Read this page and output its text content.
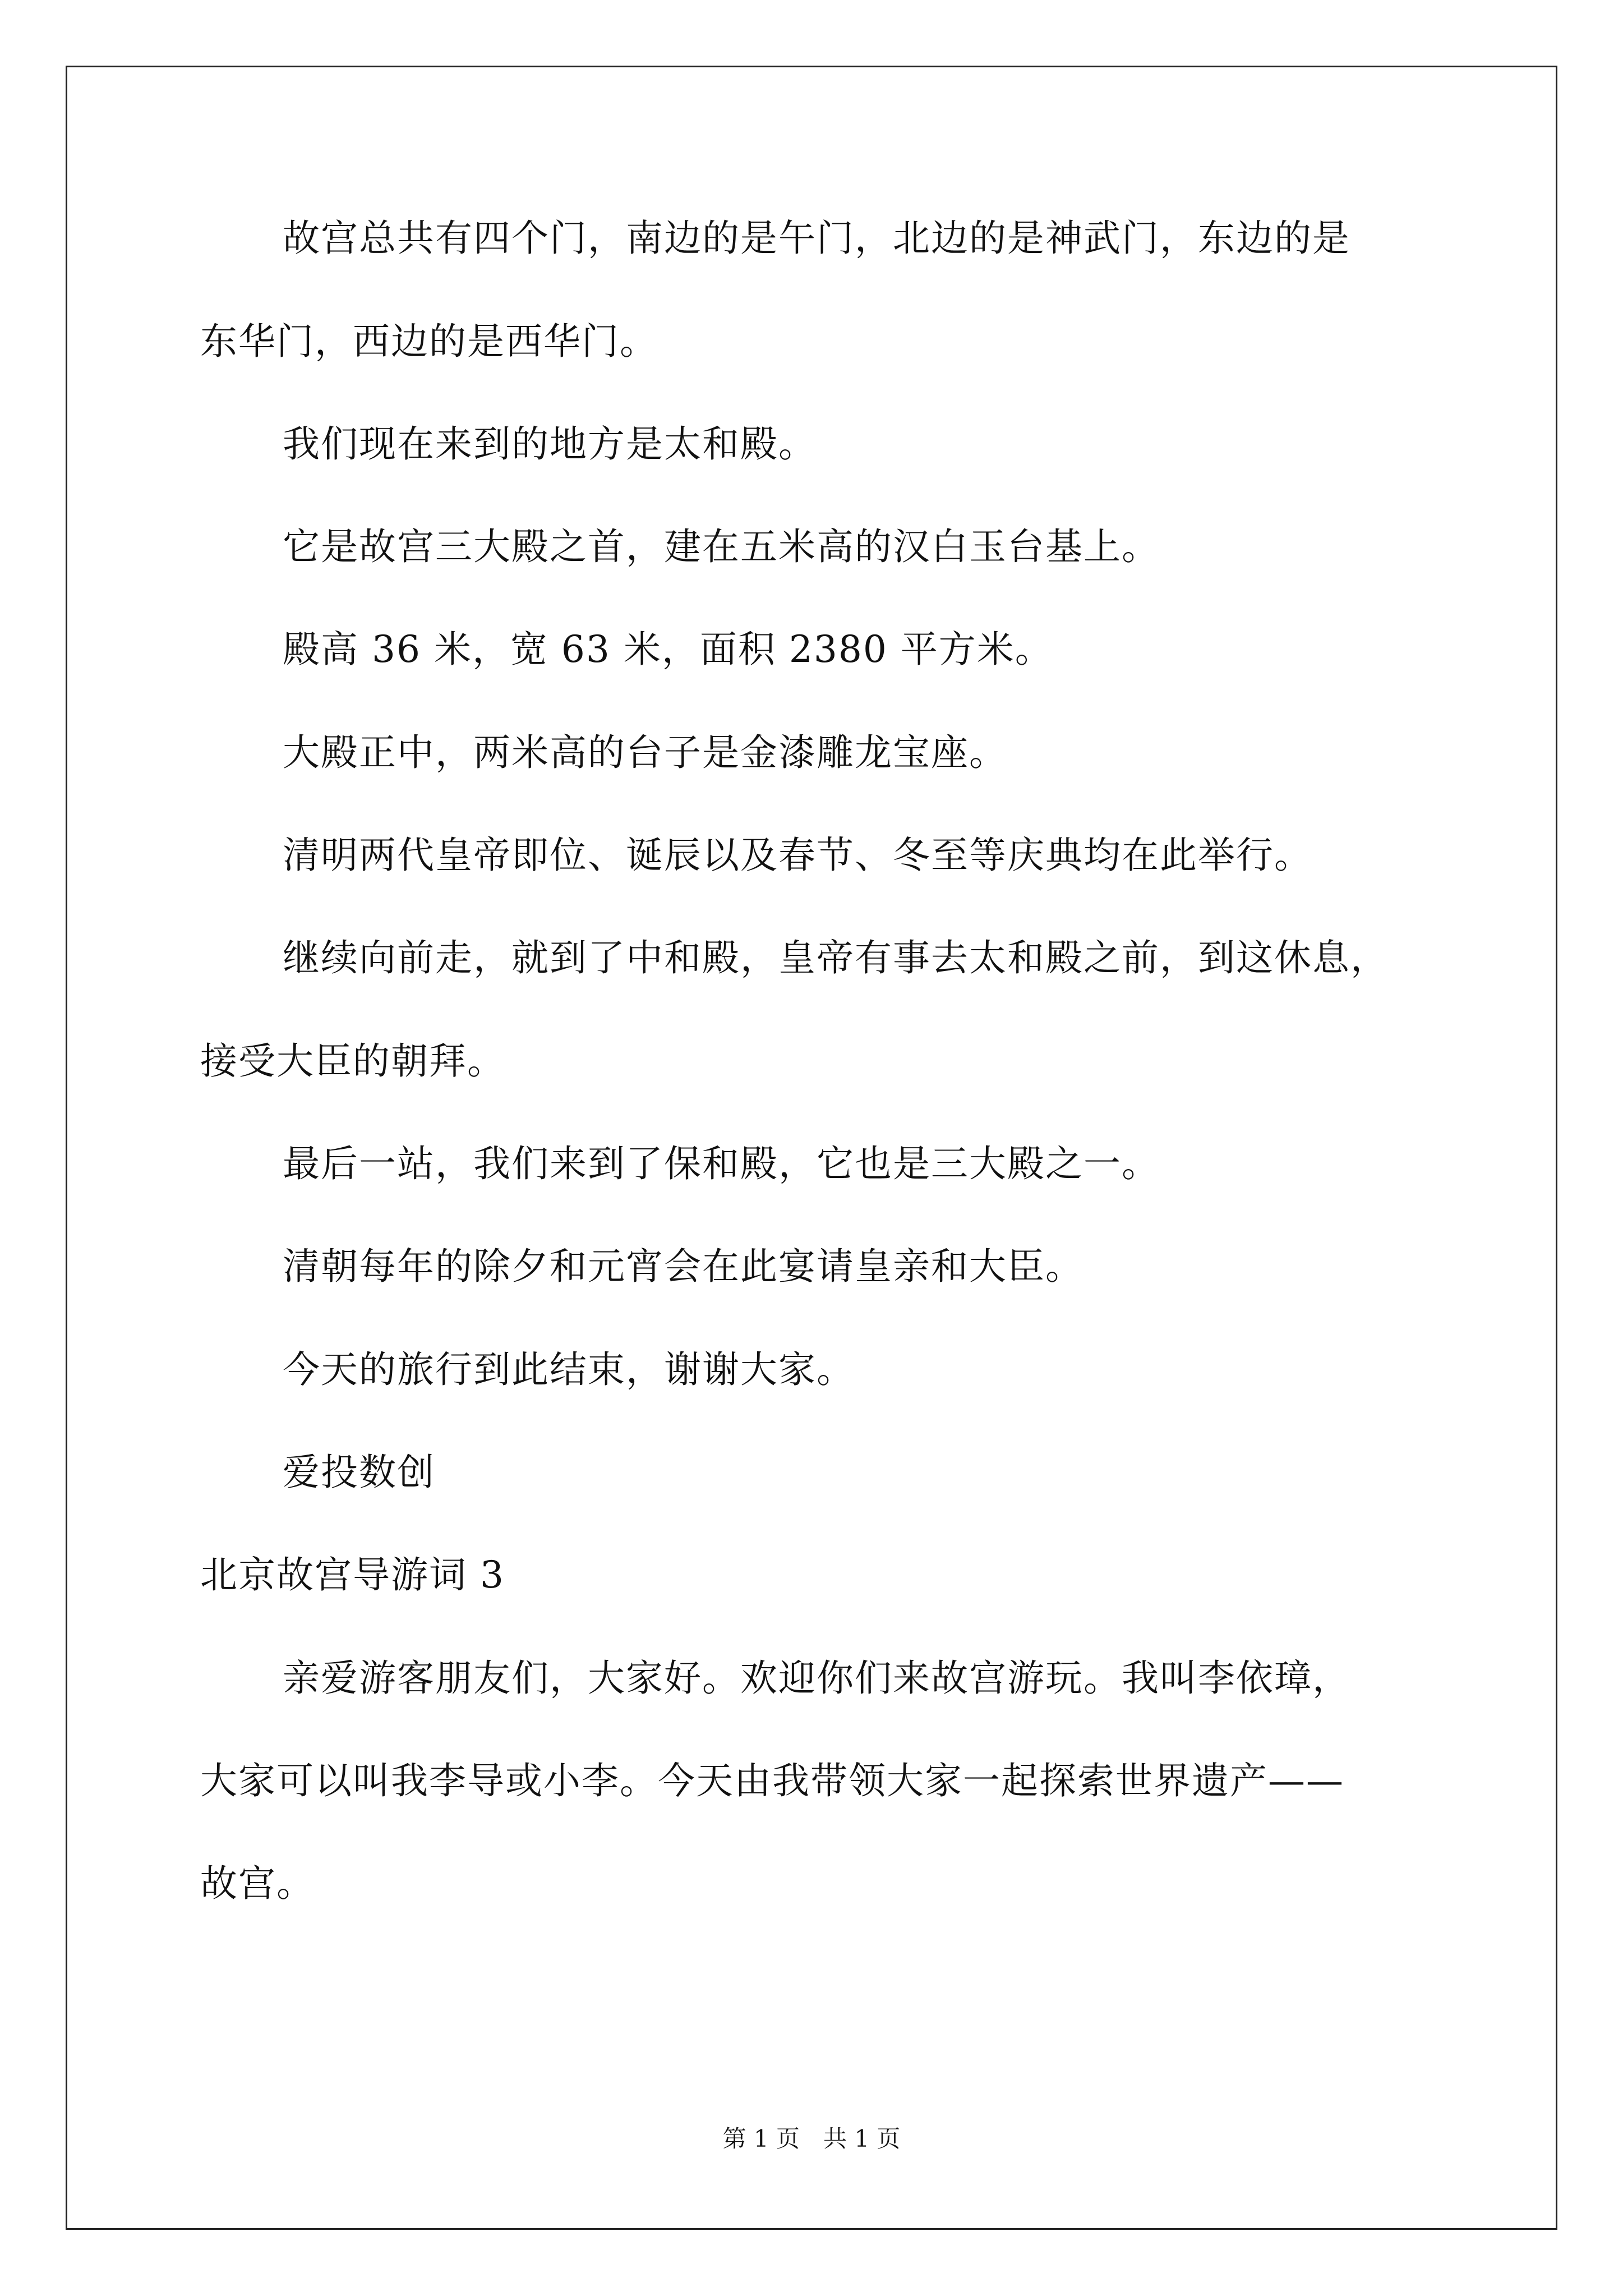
故宫总共有四个门，南边的是午门，北边的是神武门，东边的是
东华门，西边的是西华门。
我们现在来到的地方是太和殿。
它是故宫三大殿之首，建在五米高的汉白玉台基上。
殿高 36 米，宽 63 米，面积 2380 平方米。
大殿正中，两米高的台子是金漆雕龙宝座。
清明两代皇帝即位、诞辰以及春节、冬至等庆典均在此举行。
继续向前走，就到了中和殿，皇帝有事去太和殿之前，到这休息，
接受大臣的朝拜。
最后一站，我们来到了保和殿，它也是三大殿之一。
清朝每年的除夕和元宵会在此宴请皇亲和大臣。
今天的旅行到此结束，谢谢大家。
爱投数创
北京故宫导游词 3
亲爱游客朋友们，大家好。欢迎你们来故宫游玩。我叫李依璋，
大家可以叫我李导或小李。今天由我带领大家一起探索世界遗产——
故宫。
第 1 页　共 1 页
